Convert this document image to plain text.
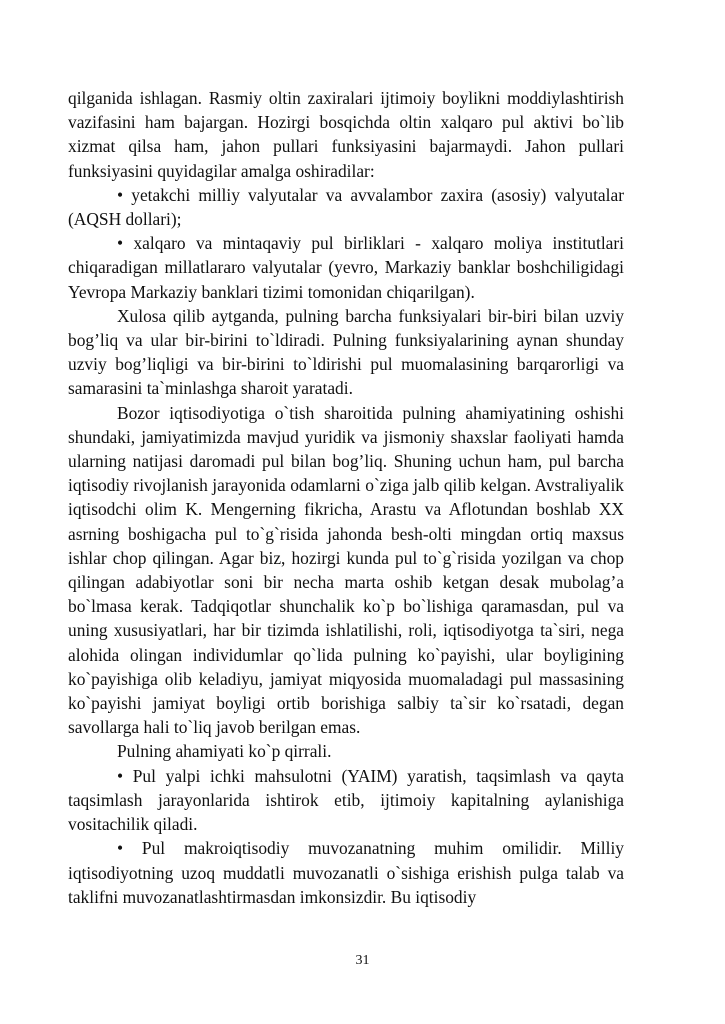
qilganida ishlagan. Rasmiy oltin zaxiralari ijtimoiy boylikni moddiylashtirish vazifasini ham bajargan. Hozirgi bosqichda oltin xalqaro pul aktivi bo`lib xizmat qilsa ham, jahon pullari funksiyasini bajarmaydi. Jahon pullari funksiyasini quyidagilar amalga oshiradilar:

• yetakchi milliy valyutalar va avvalambor zaxira (asosiy) valyutalar (AQSH dollari);

• xalqaro va mintaqaviy pul birliklari - xalqaro moliya institutlari chiqaradigan millatlararo valyutalar (yevro, Markaziy banklar boshchiligidagi Yevropa Markaziy banklari tizimi tomonidan chiqarilgan).

Xulosa qilib aytganda, pulning barcha funksiyalari bir-biri bilan uzviy bog’liq va ular bir-birini to`ldiradi. Pulning funksiyalarining aynan shunday uzviy bog’liqligi va bir-birini to`ldirishi pul muomalasining barqarorligi va samarasini ta`minlashga sharoit yaratadi.

Bozor iqtisodiyotiga o`tish sharoitida pulning ahamiyatining oshishi shundaki, jamiyatimizda mavjud yuridik va jismoniy shaxslar faoliyati hamda ularning natijasi daromadi pul bilan bog’liq. Shuning uchun ham, pul barcha iqtisodiy rivojlanish jarayonida odamlarni o`ziga jalb qilib kelgan. Avstraliyalik iqtisodchi olim K. Mengerning fikricha, Arastu va Aflotundan boshlab XX asrning boshigacha pul to`g`risida jahonda besh-olti mingdan ortiq maxsus ishlar chop qilingan. Agar biz, hozirgi kunda pul to`g`risida yozilgan va chop qilingan adabiyotlar soni bir necha marta oshib ketgan desak mubolag’a bo`lmasa kerak. Tadqiqotlar shunchalik ko`p bo`lishiga qaramasdan, pul va uning xususiyatlari, har bir tizimda ishlatilishi, roli, iqtisodiyotga ta`siri, nega alohida olingan individumlar qo`lida pulning ko`payishi, ular boyligining ko`payishiga olib keladiyu, jamiyat miqyosida muomaladagi pul massasining ko`payishi jamiyat boyligi ortib borishiga salbiy ta`sir ko`rsatadi, degan savollarga hali to`liq javob berilgan emas.

Pulning ahamiyati ko`p qirrali.

• Pul yalpi ichki mahsulotni (YAIM) yaratish, taqsimlash va qayta taqsimlash jarayonlarida ishtirok etib, ijtimoiy kapitalning aylanishiga vositachilik qiladi.

• Pul makroiqtisodiy muvozanatning muhim omilidir. Milliy iqtisodiyotning uzoq muddatli muvozanatli o`sishiga erishish pulga talab va taklifni muvozanatlashtirmasdan imkonsizdir. Bu iqtisodiy

31
